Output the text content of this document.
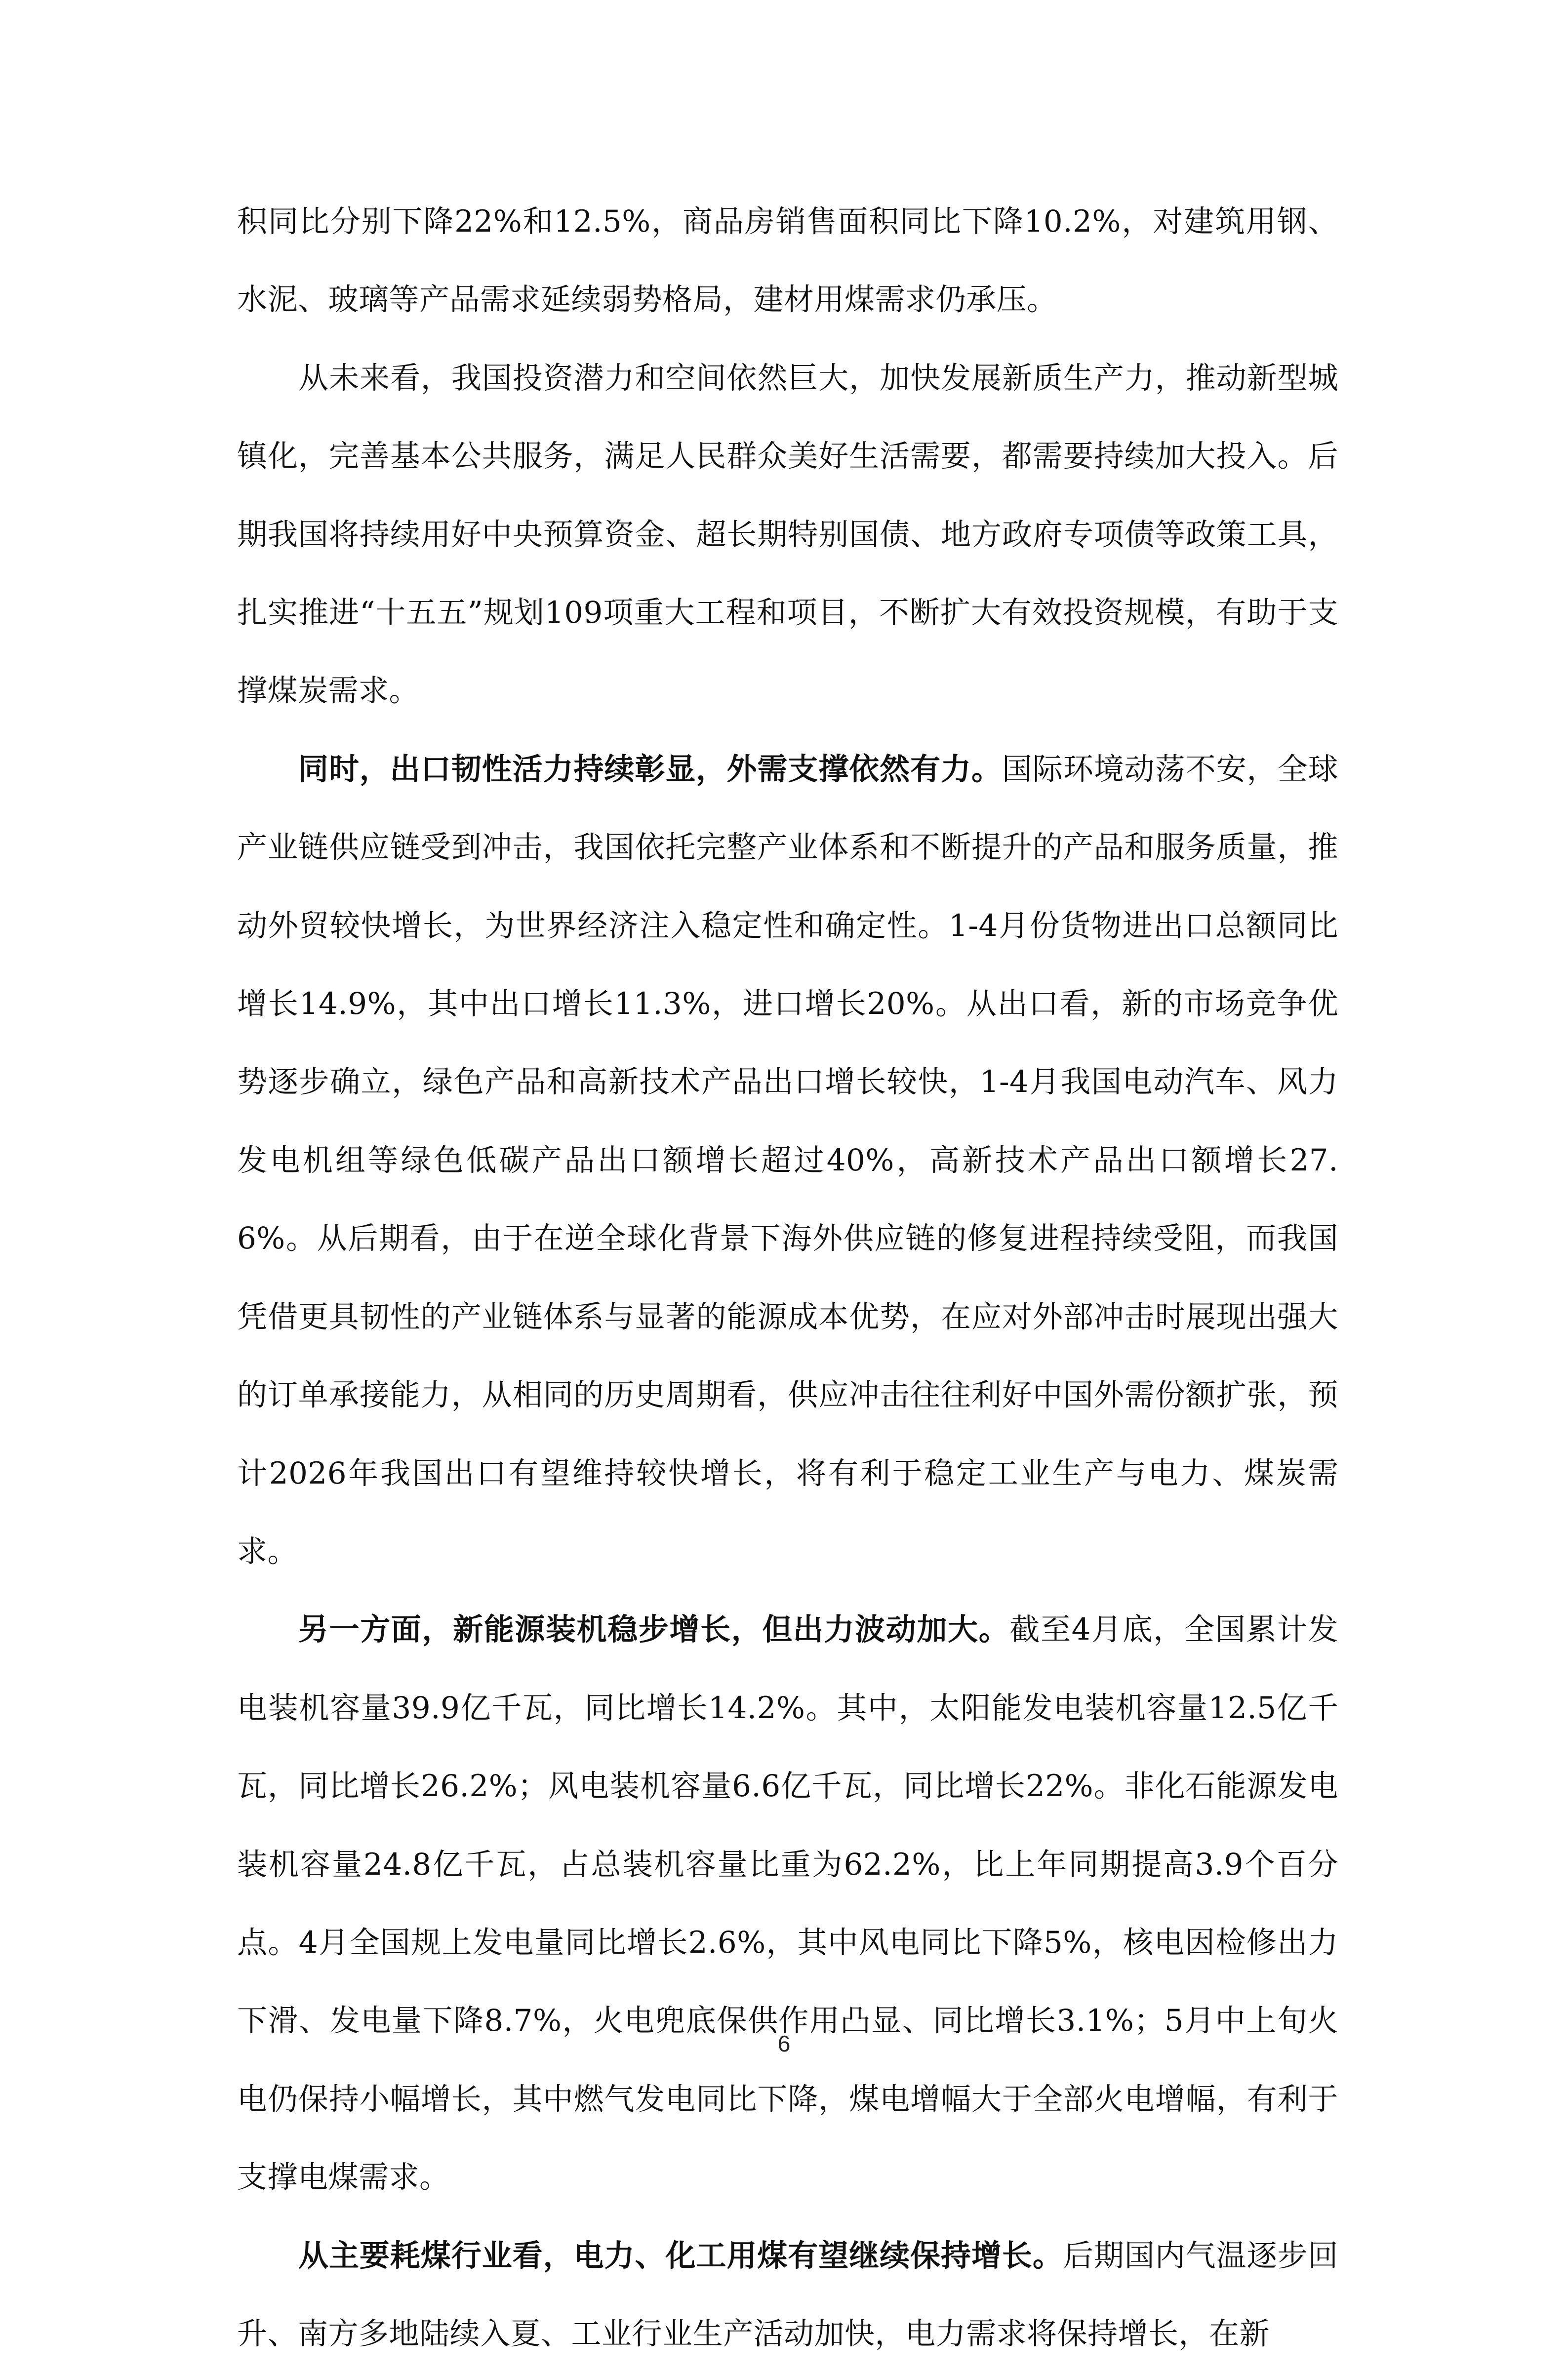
积同比分别下降22%和12.5%，商品房销售面积同比下降10.2%，对建筑用钢、水泥、玻璃等产品需求延续弱势格局，建材用煤需求仍承压。

从未来看，我国投资潜力和空间依然巨大，加快发展新质生产力，推动新型城镇化，完善基本公共服务，满足人民群众美好生活需要，都需要持续加大投入。后期我国将持续用好中央预算资金、超长期特别国债、地方政府专项债等政策工具，扎实推进“十五五”规划109项重大工程和项目，不断扩大有效投资规模，有助于支撑煤炭需求。

同时，出口韧性活力持续彰显，外需支撑依然有力。国际环境动荡不安，全球产业链供应链受到冲击，我国依托完整产业体系和不断提升的产品和服务质量，推动外贸较快增长，为世界经济注入稳定性和确定性。1-4月份货物进出口总额同比增长14.9%，其中出口增长11.3%，进口增长20%。从出口看，新的市场竞争优势逐步确立，绿色产品和高新技术产品出口增长较快，1-4月我国电动汽车、风力发电机组等绿色低碳产品出口额增长超过40%，高新技术产品出口额增长27.6%。从后期看，由于在逆全球化背景下海外供应链的修复进程持续受阻，而我国凭借更具韧性的产业链体系与显著的能源成本优势，在应对外部冲击时展现出强大的订单承接能力，从相同的历史周期看，供应冲击往往利好中国外需份额扩张，预计2026年我国出口有望维持较快增长，将有利于稳定工业生产与电力、煤炭需求。

另一方面，新能源装机稳步增长，但出力波动加大。截至4月底，全国累计发电装机容量39.9亿千瓦，同比增长14.2%。其中，太阳能发电装机容量12.5亿千瓦，同比增长26.2%；风电装机容量6.6亿千瓦，同比增长22%。非化石能源发电装机容量24.8亿千瓦，占总装机容量比重为62.2%，比上年同期提高3.9个百分点。4月全国规上发电量同比增长2.6%，其中风电同比下降5%，核电因检修出力下滑、发电量下降8.7%，火电兜底保供作用凸显、同比增长3.1%；5月中上旬火电仍保持小幅增长，其中燃气发电同比下降，煤电增幅大于全部火电增幅，有利于支撑电煤需求。

从主要耗煤行业看，电力、化工用煤有望继续保持增长。后期国内气温逐步回升、南方多地陆续入夏、工业行业生产活动加快，电力需求将保持增长，在新

6
